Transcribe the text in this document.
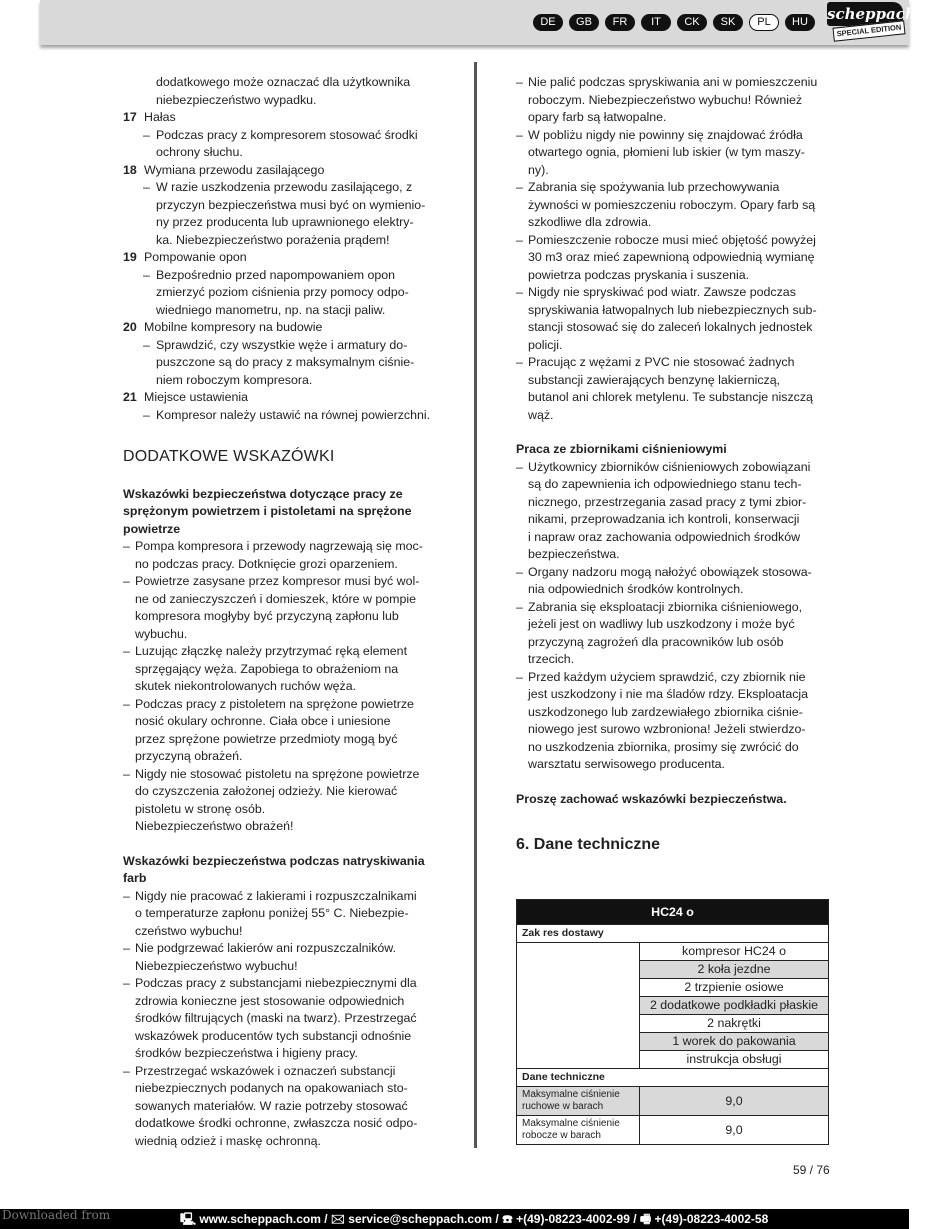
DE	GB	FR	IT	CK	SK	PL	HU	scheppach
SPECIAL EDITION
dodatkowego może oznaczać dla użytkownika
niebezpieczeństwo wypadku.
17 Hałas
– Podczas pracy z kompresorem stosować środki
ochrony słuchu.
18 Wymiana przewodu zasilającego
– W razie uszkodzenia przewodu zasilającego, z
przyczyn bezpieczeństwa musi być on wymienio-
ny przez producenta lub uprawnionego elektry-
ka. Niebezpieczeństwo porażenia prądem!
19 Pompowanie opon
– Bezpośrednio przed napompowaniem opon
zmierzyć poziom ciśnienia przy pomocy odpo-
wiedniego manometru, np. na stacji paliw.
20 Mobilne kompresory na budowie
– Sprawdzić, czy wszystkie węże i armatury do-
puszczone są do pracy z maksymalnym ciśnie-
niem roboczym kompresora.
21 Miejsce ustawienia
– Kompresor należy ustawić na równej powierzchni.
DODATKOWE WSKAZÓWKI
Wskazówki bezpieczeństwa dotyczące pracy ze
sprężonym powietrzem i pistoletami na sprężone
powietrze
– Pompa kompresora i przewody nagrzewają się moc-
no podczas pracy. Dotknięcie grozi oparzeniem.
– Powietrze zasysane przez kompresor musi być wol-
ne od zanieczyszczeń i domieszek, które w pompie
kompresora mogłyby być przyczyną zapłonu lub
wybuchu.
– Luzując złączkę należy przytrzymać ręką element
sprzęgający węża. Zapobiega to obrażeniom na
skutek niekontrolowanych ruchów węża.
– Podczas pracy z pistoletem na sprężone powietrze
nosić okulary ochronne. Ciała obce i uniesione
przez sprężone powietrze przedmioty mogą być
przyczyną obrażeń.
– Nigdy nie stosować pistoletu na sprężone powietrze
do czyszczenia założonej odzieży. Nie kierować
pistoletu w stronę osób.
Niebezpieczeństwo obrażeń!
Wskazówki bezpieczeństwa podczas natryskiwania
farb
– Nigdy nie pracować z lakierami i rozpuszczalnikami
o temperaturze zapłonu poniżej 55° C. Niebezpie-
czeństwo wybuchu!
– Nie podgrzewać lakierów ani rozpuszczalników.
Niebezpieczeństwo wybuchu!
– Podczas pracy z substancjami niebezpiecznymi dla
zdrowia konieczne jest stosowanie odpowiednich
środków filtrujących (maski na twarz). Przestrzegać
wskazówek producentów tych substancji odnośnie
środków bezpieczeństwa i higieny pracy.
– Przestrzegać wskazówek i oznaczeń substancji
niebezpiecznych podanych na opakowaniach sto-
sowanych materiałów. W razie potrzeby stosować
dodatkowe środki ochronne, zwłaszcza nosić odpo-
wiednią odzież i maskę ochronną.
– Nie palić podczas spryskiwania ani w pomieszczeniu
roboczym. Niebezpieczeństwo wybuchu! Również
opary farb są łatwopalne.
– W pobliżu nigdy nie powinny się znajdować źródła
otwartego ognia, płomieni lub iskier (w tym maszy-
ny).
– Zabrania się spożywania lub przechowywania
żywności w pomieszczeniu roboczym. Opary farb są
szkodliwe dla zdrowia.
– Pomieszczenie robocze musi mieć objętość powyżej
30 m3 oraz mieć zapewnioną odpowiednią wymianę
powietrza podczas pryskania i suszenia.
– Nigdy nie spryskiwać pod wiatr. Zawsze podczas
spryskiwania łatwopalnych lub niebezpiecznych sub-
stancji stosować się do zaleceń lokalnych jednostek
policji.
– Pracując z wężami z PVC nie stosować żadnych
substancji zawierających benzynę lakierniczą,
butanol ani chlorek metylenu. Te substancje niszczą
wąż.
Praca ze zbiornikami ciśnieniowymi
– Użytkownicy zbiorników ciśnieniowych zobowiązani
są do zapewnienia ich odpowiedniego stanu tech-
nicznego, przestrzegania zasad pracy z tymi zbior-
nikami, przeprowadzania ich kontroli, konserwacji
i napraw oraz zachowania odpowiednich środków
bezpieczeństwa.
– Organy nadzoru mogą nałożyć obowiązek stosowa-
nia odpowiednich środków kontrolnych.
– Zabrania się eksploatacji zbiornika ciśnieniowego,
jeżeli jest on wadliwy lub uszkodzony i może być
przyczyną zagrożeń dla pracowników lub osób
trzecich.
– Przed każdym użyciem sprawdzić, czy zbiornik nie
jest uszkodzony i nie ma śladów rdzy. Eksploatacja
uszkodzonego lub zardzewiałego zbiornika ciśnie-
niowego jest surowo wzbroniona! Jeżeli stwierdzo-
no uszkodzenia zbiornika, prosimy się zwrócić do
warsztatu serwisowego producenta.
Proszę zachować wskazówki bezpieczeństwa.
6. Dane techniczne
HC24 o
Zak res dostawy
kompresor HC24 o
2 koła jezdne
2 trzpienie osiowe
2 dodatkowe podkładki płaskie
2 nakrętki
1 worek do pakowania
instrukcja obsługi
Dane techniczne
Maksymalne ciśnienie
ruchowe w barach	9,0
Maksymalne ciśnienie
robocze w barach	9,0
59 / 76
Downloaded from	🖳 www.scheppach.com / 🖂 service@scheppach.com / ☎ +(49)-08223-4002-99 / 🖷 +(49)-08223-4002-58
